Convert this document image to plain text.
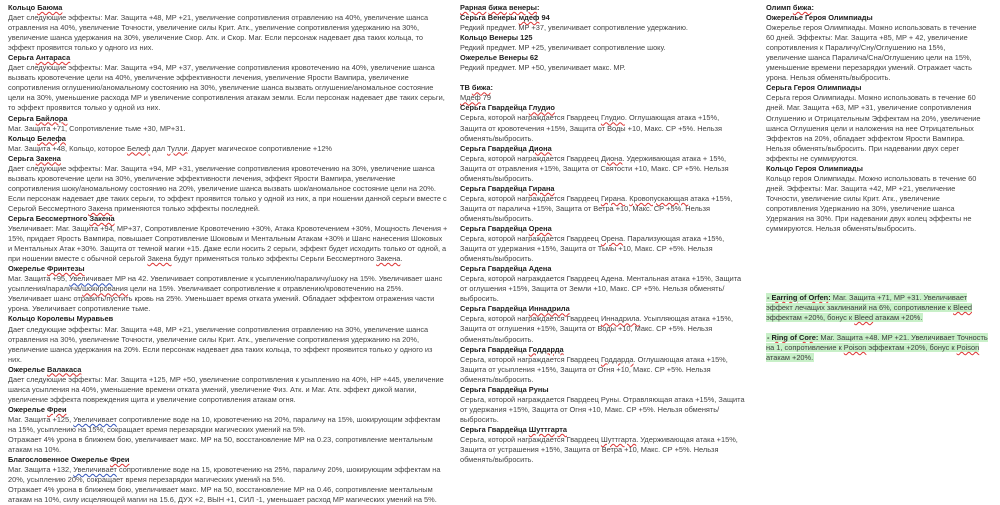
Кольцо Баюма
Дает следующие эффекты: Маг. Защита +48, MP +21, увеличение сопротивления отравлению на 40%, увеличение шанса отравления на 40%, увеличение Точности, увеличение силы Крит. Атк., увеличение сопротивления удержанию на 30%, увеличение шанса удержания на 30%, увеличение Скор. Атк. и Скор. Маг. Если персонаж надевает два таких кольца, то эффект проявится только у одного из них.
Серьга Антараса
Дает следующие эффекты: Маг. Защита +94, MP +37, увеличение сопротивления кровотечению на 40%, увеличение шанса вызвать кровотечение цели на 40%, увеличение эффективности лечения, увеличение Ярости Вампира, увеличение сопротивления оглушению/аномальному состоянию на 30%, увеличение шанса вызвать оглушение/аномальное состояние цели на 30%, уменьшение расхода MP и увеличение сопротивления атакам земли. Если персонаж надевает две таких серьги, то эффект проявится только у одной из них.
Серьга Байлора
Маг. Защита +71, Сопротивление тьме +30, MP+31.
Кольцо Белефа
Маг. Защита +48, Кольцо, которое Белеф дал Тулли. Дарует магическое сопротивление +12%
Серьга Закена
Дает следующие эффекты: Маг. Защита +94, MP +31, увеличение сопротивления кровотечению на 30%, увеличение шанса вызвать кровотечение цели на 30%, увеличение эффективности лечения, эффект Ярости Вампира, увеличение сопротивления шоку/аномальному состоянию на 20%, увеличение шанса вызвать шок/аномальное состояние цели на 20%. Если персонаж надевает две таких серьги, то эффект проявится только у одной из них, а при ношении данной серьги вместе с Серьгой Бессмертного Закена применяются только эффекты последней.
Серьга Бессмертного Закена
Увеличивает: Маг. Защита +94, MP+37, Сопротивление Кровотечению +30%, Атака Кровотечением +30%, Мощность Лечения + 15%, придает Ярость Вампира, повышает Сопротивление Шоковым и Ментальным Атакам +30% и Шанс нанесения Шоковых и Ментальных Атак +30%. Защита от темной магии +15. Даже если носить 2 серьги, эффект будет исходить только от одной, а при ношении вместе с обычной серьгой Закена будут применяться только эффекты Серьги Бессмертного Закена.
Ожерелье Фринтезы
Маг. Защита +95, Увеличивает MP на 42. Увеличивает сопротивление к усыплению/параличу/шоку на 15%. Увеличивает шанс усыпления/паралича/шокирования цели на 15%. Увеличивает сопротивление к отравлению/кровотечению на 25%. Увеличивает шанс отравить/пустить кровь на 25%. Уменьшает время отката умений. Обладает эффектом отражения части урона. Увеличивает сопротивление тьме.
Кольцо Королевы Муравьев
Дает следующие эффекты: Маг. Защита +48, MP +21, увеличение сопротивления отравлению на 30%, увеличение шанса отравления на 30%, увеличение Точности, увеличение силы Крит. Атк., увеличение сопротивления удержанию на 20%, увеличение шанса удержания на 20%. Если персонаж надевает два таких кольца, то эффект проявится только у одного из них.
Ожерелье Валакаса
Дает следующие эффекты: Маг. Защита +125, MP +50, увеличение сопротивления к усыплению на 40%, HP +445, увеличение шанса усыпления на 40%, уменьшение времени отката умений, увеличение Физ. Атк. и Маг. Атк. эффект дикой магии, увеличение эффекта повреждения щита и увеличение сопротивления атакам огня.
Ожерелье Фреи
Маг. Защита +125, Увеличивает сопротивление воде на 10, кровотечению на 20%, параличу на 15%, шокирующим эффектам на 15%, усыплению на 15%, сокращает время перезарядки магических умений на 5%.
Отражает 4% урона в ближнем бою, увеличивает макс. MP на 50, восстановление MP на 0.23, сопротивление ментальным атакам на 10%.
Благословенное Ожерелье Фреи
Маг. Защита +132, Увеличивает сопротивление воде на 15, кровотечению на 25%, параличу 20%, шокирующим эффектам на 20%, усыплению 20%, сокращает время перезарядки магических умений на 5%.
Отражает 4% урона в ближнем бою, увеличивает макс. MP на 50, восстановление MP на 0.46, сопротивление ментальным атакам на 10%, силу исцеляющей магии на 15.6, ДУХ +2, ВЫН +1, СИЛ -1, уменьшает расход MP магических умений на 5%.
Рарная бижа венеры:
Серьга Венеры мдеф 94
Редкий предмет. MP +37, увеличивает сопротивление удержанию.
Кольцо Венеры 125
Редкий предмет. MP +25, увеличивает сопротивление шоку.
Ожерелье Венеры 62
Редкий предмет. MP +50, увеличивает макс. MP.
ТВ бижа:
Мдеф 79
Серьга Гвардейца Глудио
Серьга, которой награждается Гвардеец Глудио. Оглушающая атака +15%, Защита от кровотечения +15%, Защита от Воды +10, Макс. СР +5%. Нельзя обменять/выбросить.
Серьга Гвардейца Диона
Серьга, которой награждается Гвардеец Диона. Удерживающая атака + 15%, Защита от отравления +15%, Защита от Святости +10, Макс. СР +5%. Нельзя обменять/выбросить.
Серьга Гвардейца Гирана
Серьга, которой награждается Гвардеец Гирана. Кровопускающая атака +15%, Защита от паралича +15%, Защита от Ветра +10, Макс. СР +5%. Нельзя обменять/выбросить.
Серьга Гвардейца Орена
Серьга, которой награждается Гвардеец Орена. Парализующая атака +15%, Защита от удержания +15%, Защита от Тьмы +10, Макс. СР +5%. Нельзя обменять/выбросить.
Серьга Гвардейца Адена
Серьга, которой награждается Гвардеец Адена. Ментальная атака +15%, Защита от оглушения +15%, Защита от Земли +10, Макс. СР +5%. Нельзя обменять/выбросить.
Серьга Гвардейца Иннадрила
Серьга, которой награждается Гвардеец Иннадрила. Усыпляющая атака +15%, Защита от оглушения +15%, Защита от Воды +10, Макс. СР +5%. Нельзя обменять/выбросить.
Серьга Гвардейца Годдарда
Серьга, которой награждается Гвардеец Годдарда. Оглушающая атака +15%, Защита от усыпления +15%, Защита от Огня +10, Макс. СР +5%. Нельзя обменять/выбросить.
Серьга Гвардейца Руны
Серьга, которой награждается Гвардеец Руны. Отравляющая атака +15%, Защита от удержания +15%, Защита от Огня +10, Макс. СР +5%. Нельзя обменять/выбросить.
Серьга Гвардейца Шуттгарта
Серьга, которой награждается Гвардеец Шуттгарта. Удерживающая атака +15%, Защита от устрашения +15%, Защита от Ветра +10, Макс. СР +5%. Нельзя обменять/выбросить.
Олимп бижа:
Ожерелье Героя Олимпиады
Ожерелье героя Олимпиады. Можно использовать в течение 60 дней. Эффекты: Маг. Защита +85, MP + 42, увеличение сопротивления к Параличу/Сну/Оглушению на 15%, увеличение шанса Паралича/Сна/Оглушению цели на 15%, уменьшение времени перезарядки умений. Отражает часть урона. Нельзя обменять/выбросить.
Серьга Героя Олимпиады
Серьга героя Олимпиады. Можно использовать в течение 60 дней. Маг. Защита +63, MP +31, увеличение сопротивления Оглушению и Отрицательным Эффектам на 20%, увеличение шанса Оглушения цели и наложения на нее Отрицательных Эффектов на 20%, обладает эффектом Ярости Вампира. Нельзя обменять/выбросить. При надевании двух серег эффекты не суммируются.
Кольцо Героя Олимпиады
Кольцо героя Олимпиады. Можно использовать в течение 60 дней. Эффекты: Маг. Защита +42, MP +21, увеличение Точности, увеличение силы Крит. Атк., увеличение сопротивления Удержанию на 30%, увеличение шанса Удержания на 30%. При надевании двух колец эффекты не суммируются. Нельзя обменять/выбросить.
- Earring of Orfen: Маг. Защита +71, MP +31. Увеличивает эффект лечащих заклинаний на 6%, сопротивление к Bleed эффектам +20%, бонус к Bleed атакам +20%.
- Ring of Core: Маг. Защита +48. MP +21. Увеличивает Точность на 1, сопротивление к Poison эффектам +20%, бонус к Poison атакам +20%.
